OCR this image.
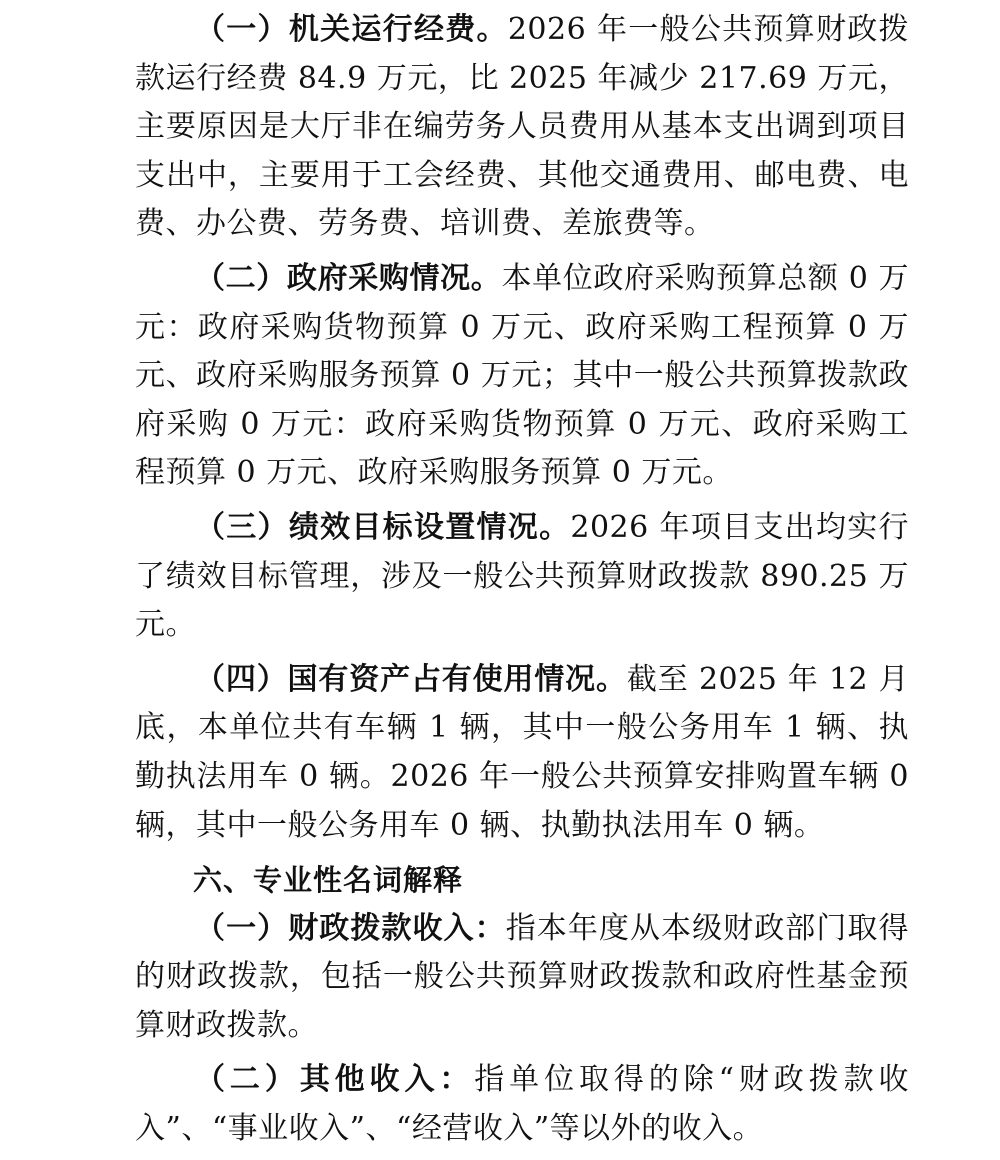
（一）机关运行经费。2026 年一般公共预算财政拨款运行经费 84.9 万元，比 2025 年减少 217.69 万元，主要原因是大厅非在编劳务人员费用从基本支出调到项目支出中，主要用于工会经费、其他交通费用、邮电费、电费、办公费、劳务费、培训费、差旅费等。

（二）政府采购情况。本单位政府采购预算总额 0 万元：政府采购货物预算 0 万元、政府采购工程预算 0 万元、政府采购服务预算 0 万元；其中一般公共预算拨款政府采购 0 万元：政府采购货物预算 0 万元、政府采购工程预算 0 万元、政府采购服务预算 0 万元。

（三）绩效目标设置情况。2026 年项目支出均实行了绩效目标管理，涉及一般公共预算财政拨款 890.25 万元。

（四）国有资产占有使用情况。截至 2025 年 12 月底，本单位共有车辆 1 辆，其中一般公务用车 1 辆、执勤执法用车 0 辆。2026 年一般公共预算安排购置车辆 0 辆，其中一般公务用车 0 辆、执勤执法用车 0 辆。

六、专业性名词解释

（一）财政拨款收入：指本年度从本级财政部门取得的财政拨款，包括一般公共预算财政拨款和政府性基金预算财政拨款。

（二）其他收入：指单位取得的除“财政拨款收入”、“事业收入”、“经营收入”等以外的收入。
